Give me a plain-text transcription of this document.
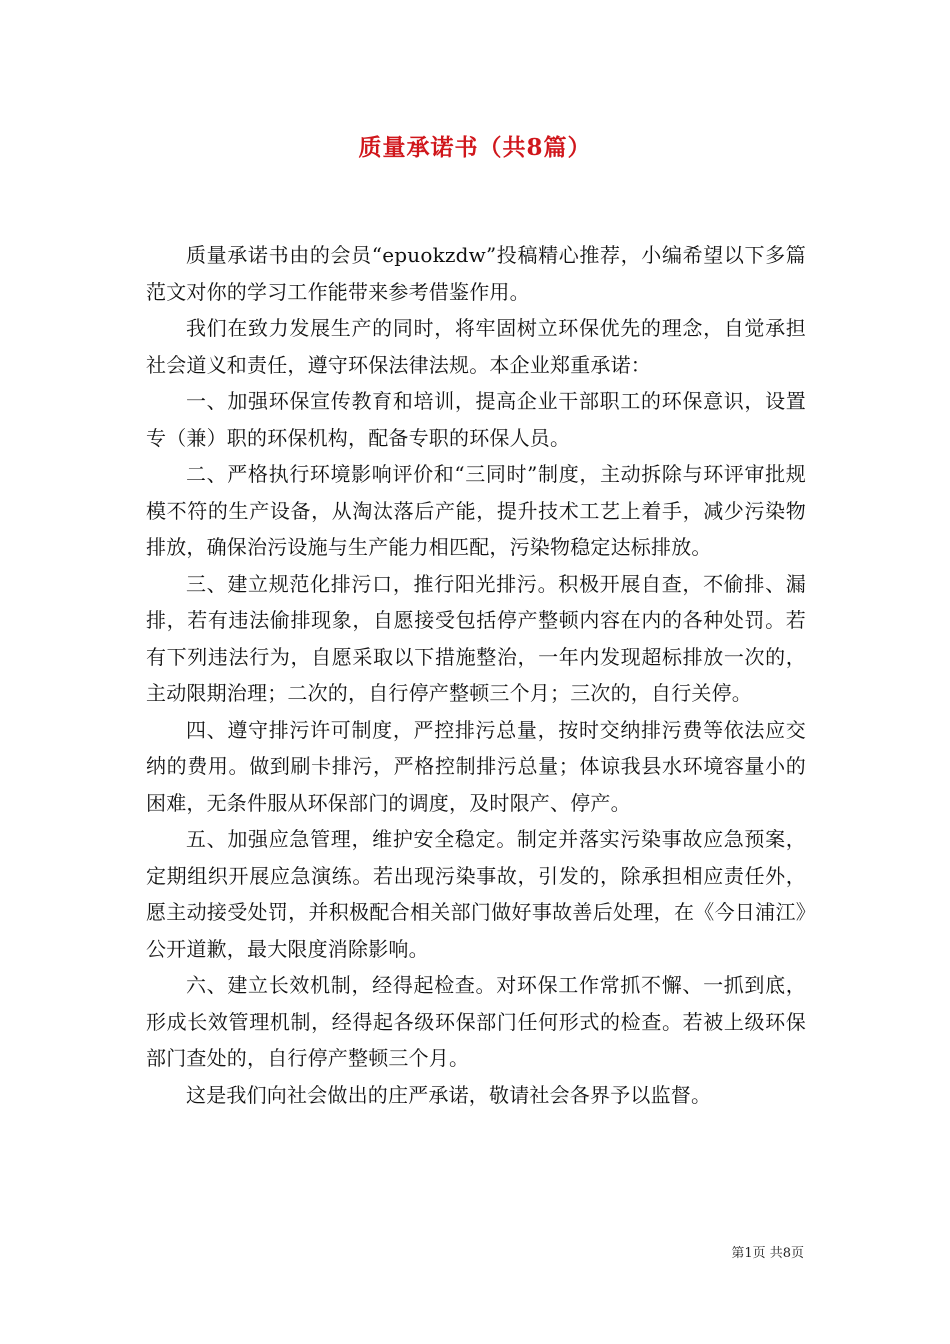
质量承诺书（共8篇）

质量承诺书由的会员“epuokzdw”投稿精心推荐，小编希望以下多篇范文对你的学习工作能带来参考借鉴作用。

我们在致力发展生产的同时，将牢固树立环保优先的理念，自觉承担社会道义和责任，遵守环保法律法规。本企业郑重承诺：

一、加强环保宣传教育和培训，提高企业干部职工的环保意识，设置专（兼）职的环保机构，配备专职的环保人员。

二、严格执行环境影响评价和“三同时”制度，主动拆除与环评审批规模不符的生产设备，从淘汰落后产能，提升技术工艺上着手，减少污染物排放，确保治污设施与生产能力相匹配，污染物稳定达标排放。

三、建立规范化排污口，推行阳光排污。积极开展自查，不偷排、漏排，若有违法偷排现象，自愿接受包括停产整顿内容在内的各种处罚。若有下列违法行为，自愿采取以下措施整治，一年内发现超标排放一次的，主动限期治理；二次的，自行停产整顿三个月；三次的，自行关停。

四、遵守排污许可制度，严控排污总量，按时交纳排污费等依法应交纳的费用。做到刷卡排污，严格控制排污总量；体谅我县水环境容量小的困难，无条件服从环保部门的调度，及时限产、停产。

五、加强应急管理，维护安全稳定。制定并落实污染事故应急预案，定期组织开展应急演练。若出现污染事故，引发的，除承担相应责任外，愿主动接受处罚，并积极配合相关部门做好事故善后处理，在《今日浦江》公开道歉，最大限度消除影响。

六、建立长效机制，经得起检查。对环保工作常抓不懈、一抓到底，形成长效管理机制，经得起各级环保部门任何形式的检查。若被上级环保部门查处的，自行停产整顿三个月。

这是我们向社会做出的庄严承诺，敬请社会各界予以监督。

第1页 共8页
